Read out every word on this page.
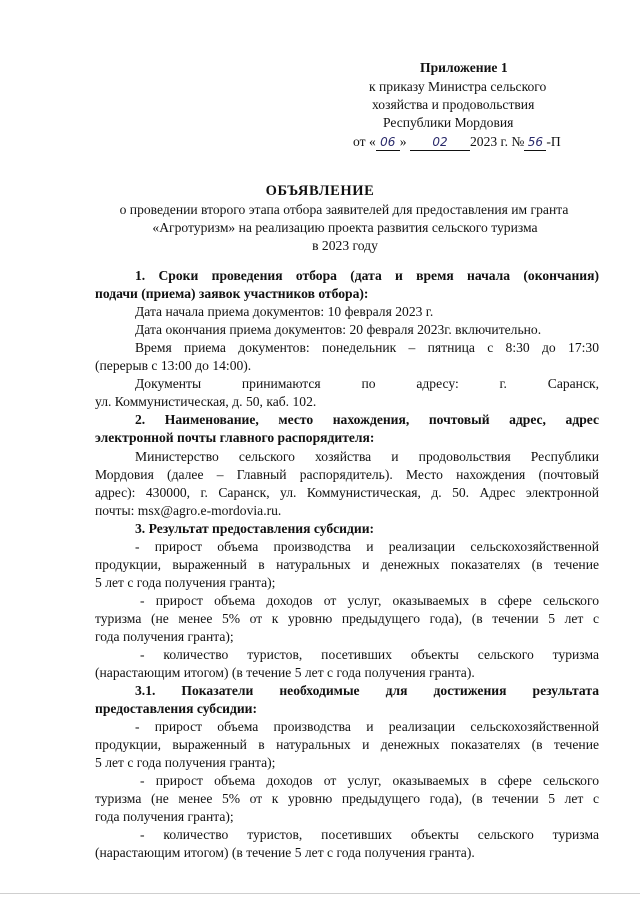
Приложение 1
к приказу Министра сельского
хозяйства и продовольствия
Республики Мордовия
от « 06 » 02 2023 г. № 56 -П
ОБЪЯВЛЕНИЕ
о проведении второго этапа отбора заявителей для предоставления им гранта
«Агротуризм» на реализацию проекта развития сельского туризма
в 2023 году
1. Сроки проведения отбора (дата и время начала (окончания)
подачи (приема) заявок участников отбора):
Дата начала приема документов: 10 февраля 2023 г.
Дата окончания приема документов: 20 февраля 2023г. включительно.
Время приема документов: понедельник – пятница с 8:30 до 17:30
(перерыв с 13:00 до 14:00).
Документы принимаются по адресу: г. Саранск,
ул. Коммунистическая, д. 50, каб. 102.
2. Наименование, место нахождения, почтовый адрес, адрес
электронной почты главного распорядителя:
Министерство сельского хозяйства и продовольствия Республики
Мордовия (далее – Главный распорядитель). Место нахождения (почтовый
адрес): 430000, г. Саранск, ул. Коммунистическая, д. 50. Адрес электронной
почты: msx@agro.e-mordovia.ru.
3. Результат предоставления субсидии:
- прирост объема производства и реализации сельскохозяйственной
продукции, выраженный в натуральных и денежных показателях (в течение
5 лет с года получения гранта);
- прирост объема доходов от услуг, оказываемых в сфере сельского
туризма (не менее 5% от к уровню предыдущего года), (в течении 5 лет с
года получения гранта);
- количество туристов, посетивших объекты сельского туризма
(нарастающим итогом) (в течение 5 лет с года получения гранта).
3.1. Показатели необходимые для достижения результата
предоставления субсидии:
- прирост объема производства и реализации сельскохозяйственной
продукции, выраженный в натуральных и денежных показателях (в течение
5 лет с года получения гранта);
- прирост объема доходов от услуг, оказываемых в сфере сельского
туризма (не менее 5% от к уровню предыдущего года), (в течении 5 лет с
года получения гранта);
- количество туристов, посетивших объекты сельского туризма
(нарастающим итогом) (в течение 5 лет с года получения гранта).
